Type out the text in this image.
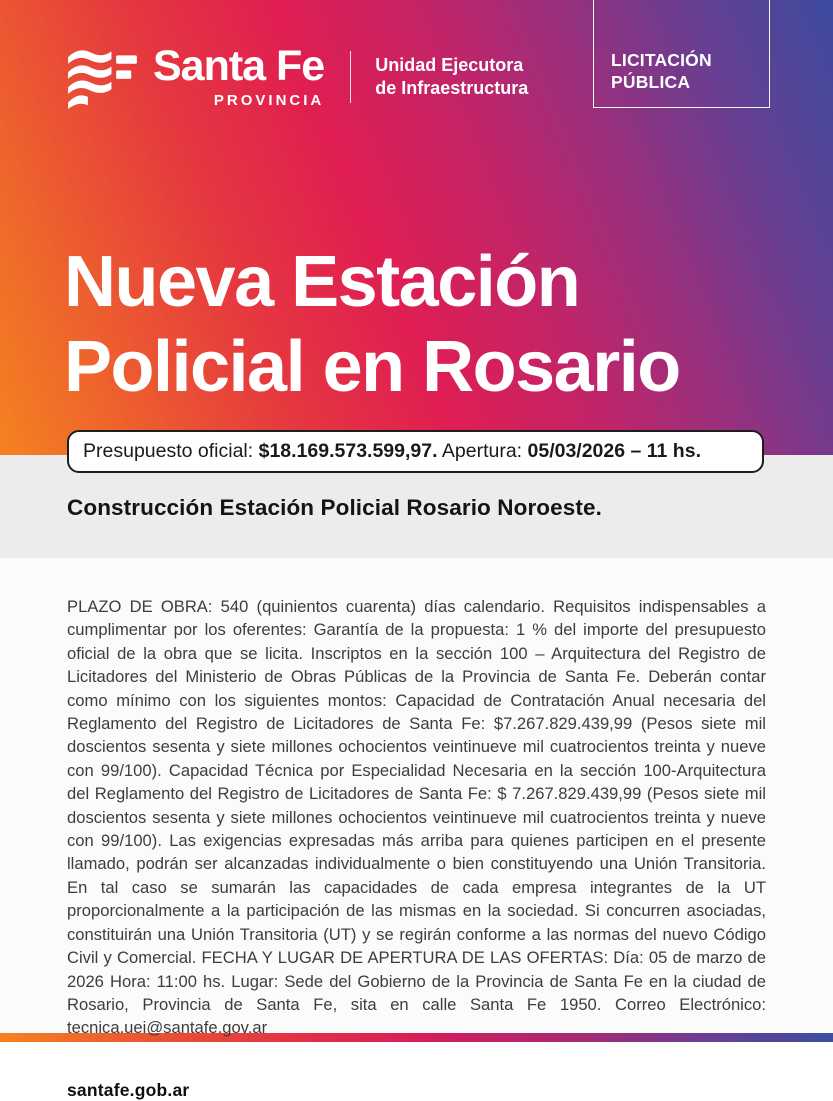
Santa Fe
PROVINCIA
Unidad Ejecutora
de Infraestructura
LICITACIÓN
PÚBLICA
Nueva Estación
Policial en Rosario
Presupuesto oficial: $18.169.573.599,97. Apertura: 05/03/2026 – 11 hs.
Construcción Estación Policial Rosario Noroeste.

PLAZO DE OBRA: 540 (quinientos cuarenta) días calendario. Requisitos indispensables a cumplimentar por los oferentes: Garantía de la propuesta: 1 % del importe del presupuesto oficial de la obra que se licita. Inscriptos en la sección 100 – Arquitectura del Registro de Licitadores del Ministerio de Obras Públicas de la Provincia de Santa Fe. Deberán contar como mínimo con los siguientes montos: Capacidad de Contratación Anual necesaria del Reglamento del Registro de Licitadores de Santa Fe: $7.267.829.439,99 (Pesos siete mil doscientos sesenta y siete millones ochocientos veintinueve mil cuatrocientos treinta y nueve con 99/100). Capacidad Técnica por Especialidad Necesaria en la sección 100-Arquitectura del Reglamento del Registro de Licitadores de Santa Fe: $ 7.267.829.439,99 (Pesos siete mil doscientos sesenta y siete millones ochocientos veintinueve mil cuatrocientos treinta y nueve con 99/100). Las exigencias expresadas más arriba para quienes participen en el presente llamado, podrán ser alcanzadas individualmente o bien constituyendo una Unión Transitoria. En tal caso se sumarán las capacidades de cada empresa integrantes de la UT proporcionalmente a la participación de las mismas en la sociedad. Si concurren asociadas, constituirán una Unión Transitoria (UT) y se regirán conforme a las normas del nuevo Código Civil y Comercial. FECHA Y LUGAR DE APERTURA DE LAS OFERTAS: Día: 05 de marzo de 2026 Hora: 11:00 hs. Lugar: Sede del Gobierno de la Provincia de Santa Fe en la ciudad de Rosario, Provincia de Santa Fe, sita en calle Santa Fe 1950. Correo Electrónico: tecnica.uei@santafe.gov.ar

santafe.gob.ar
